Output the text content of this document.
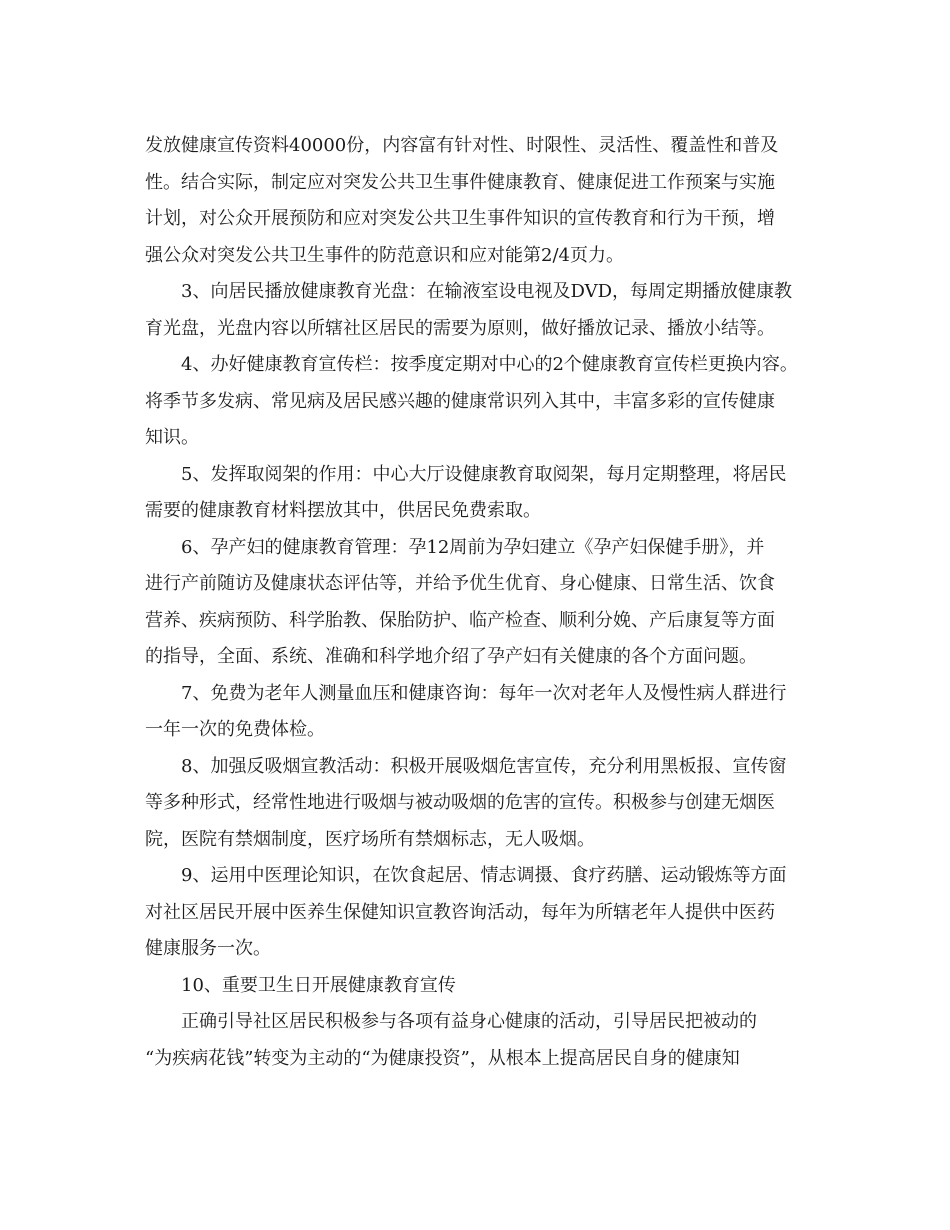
发放健康宣传资料40000份，内容富有针对性、时限性、灵活性、覆盖性和普及
性。结合实际，制定应对突发公共卫生事件健康教育、健康促进工作预案与实施
计划，对公众开展预防和应对突发公共卫生事件知识的宣传教育和行为干预，增
强公众对突发公共卫生事件的防范意识和应对能第2/4页力。
3、向居民播放健康教育光盘：在输液室设电视及DVD，每周定期播放健康教
育光盘，光盘内容以所辖社区居民的需要为原则，做好播放记录、播放小结等。
4、办好健康教育宣传栏：按季度定期对中心的2个健康教育宣传栏更换内容。
将季节多发病、常见病及居民感兴趣的健康常识列入其中，丰富多彩的宣传健康
知识。
5、发挥取阅架的作用：中心大厅设健康教育取阅架，每月定期整理，将居民
需要的健康教育材料摆放其中，供居民免费索取。
6、孕产妇的健康教育管理：孕12周前为孕妇建立《孕产妇保健手册》，并
进行产前随访及健康状态评估等，并给予优生优育、身心健康、日常生活、饮食
营养、疾病预防、科学胎教、保胎防护、临产检查、顺利分娩、产后康复等方面
的指导，全面、系统、准确和科学地介绍了孕产妇有关健康的各个方面问题。
7、免费为老年人测量血压和健康咨询：每年一次对老年人及慢性病人群进行
一年一次的免费体检。
8、加强反吸烟宣教活动：积极开展吸烟危害宣传，充分利用黑板报、宣传窗
等多种形式，经常性地进行吸烟与被动吸烟的危害的宣传。积极参与创建无烟医
院，医院有禁烟制度，医疗场所有禁烟标志，无人吸烟。
9、运用中医理论知识，在饮食起居、情志调摄、食疗药膳、运动锻炼等方面
对社区居民开展中医养生保健知识宣教咨询活动，每年为所辖老年人提供中医药
健康服务一次。
10、重要卫生日开展健康教育宣传
正确引导社区居民积极参与各项有益身心健康的活动，引导居民把被动的
“为疾病花钱”转变为主动的“为健康投资”，从根本上提高居民自身的健康知
